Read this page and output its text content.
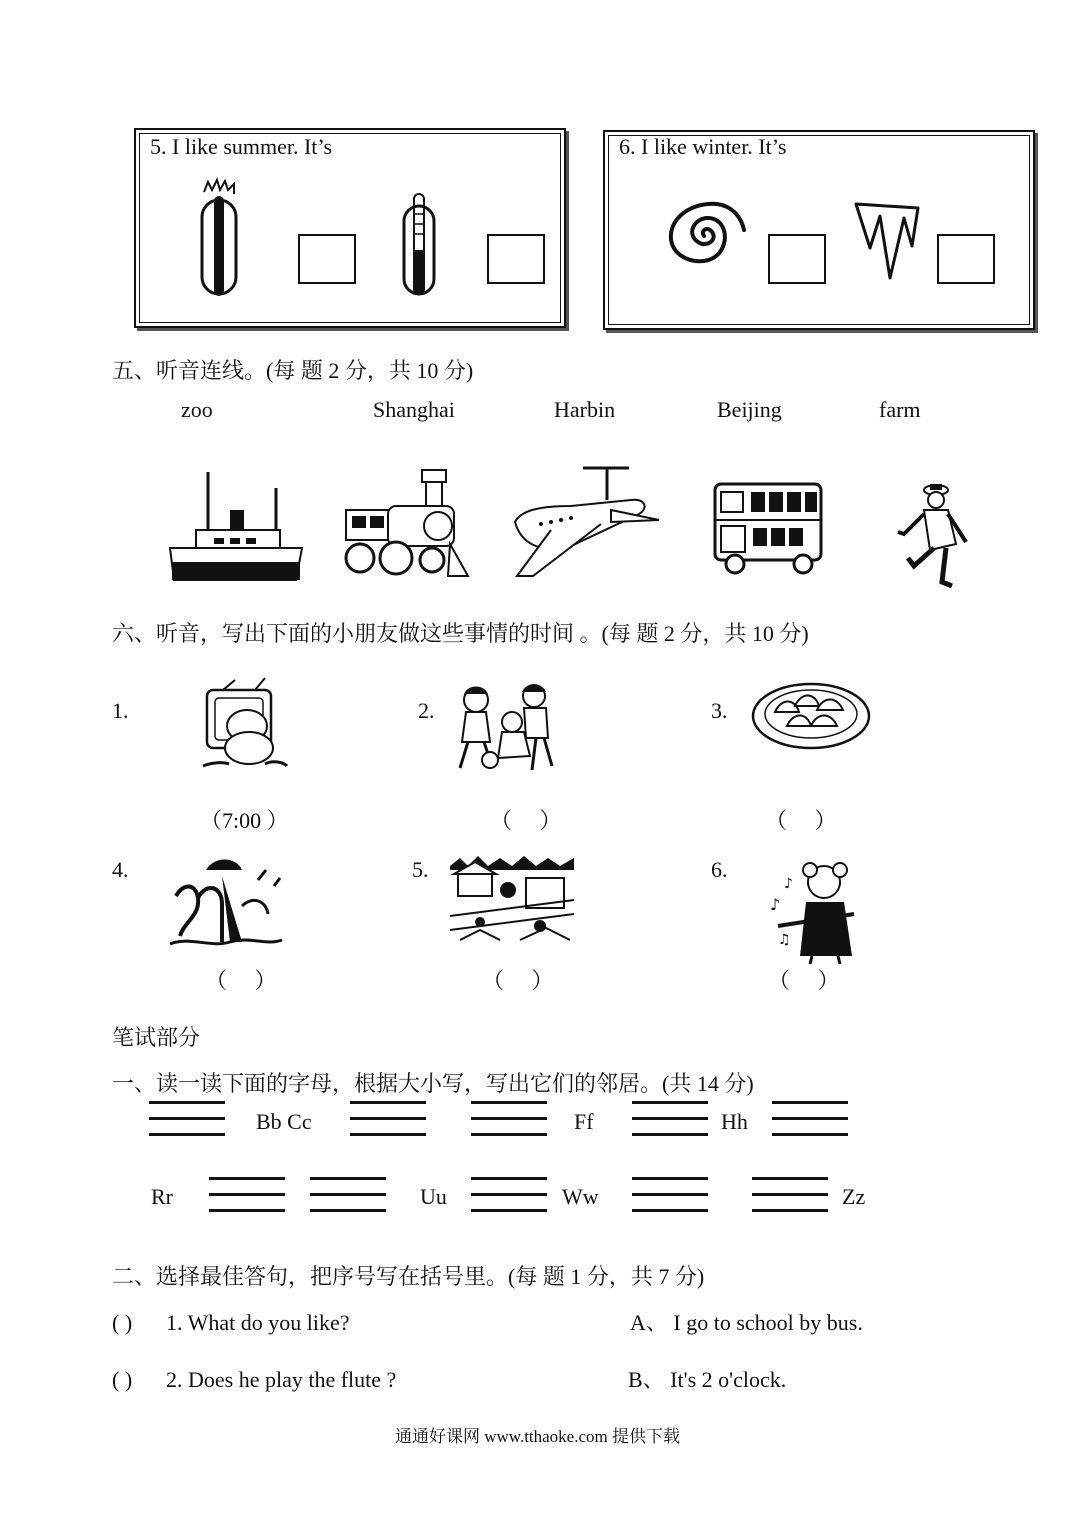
5. I like summer. It’s	6. I like winter. It’s
五、听音连线。(每 题 2 分，共 10 分)
zoo	Shanghai	Harbin	Beijing	farm
六、听音，写出下面的小朋友做这些事情的时间 。(每 题 2 分，共 10 分)
1.
（7:00 ）
2.
（　 ）
3.
（　 ）
4.
（　 ）
5.
（　 ）
6.
♪
♫
♪
（　 ）
笔试部分
一、读一读下面的字母，根据大小写，写出它们的邻居。(共 14 分)
Bb Cc	Ff	Hh
Rr	Uu	Ww	Zz
二、选择最佳答句，把序号写在括号里。(每 题 1 分，共 7 分)
( ) 1. What do you like?	A、 I go to school by bus.
( ) 2. Does he play the flute ?	B、 It's 2 o'clock.
通通好课网 www.tthaoke.com 提供下载
